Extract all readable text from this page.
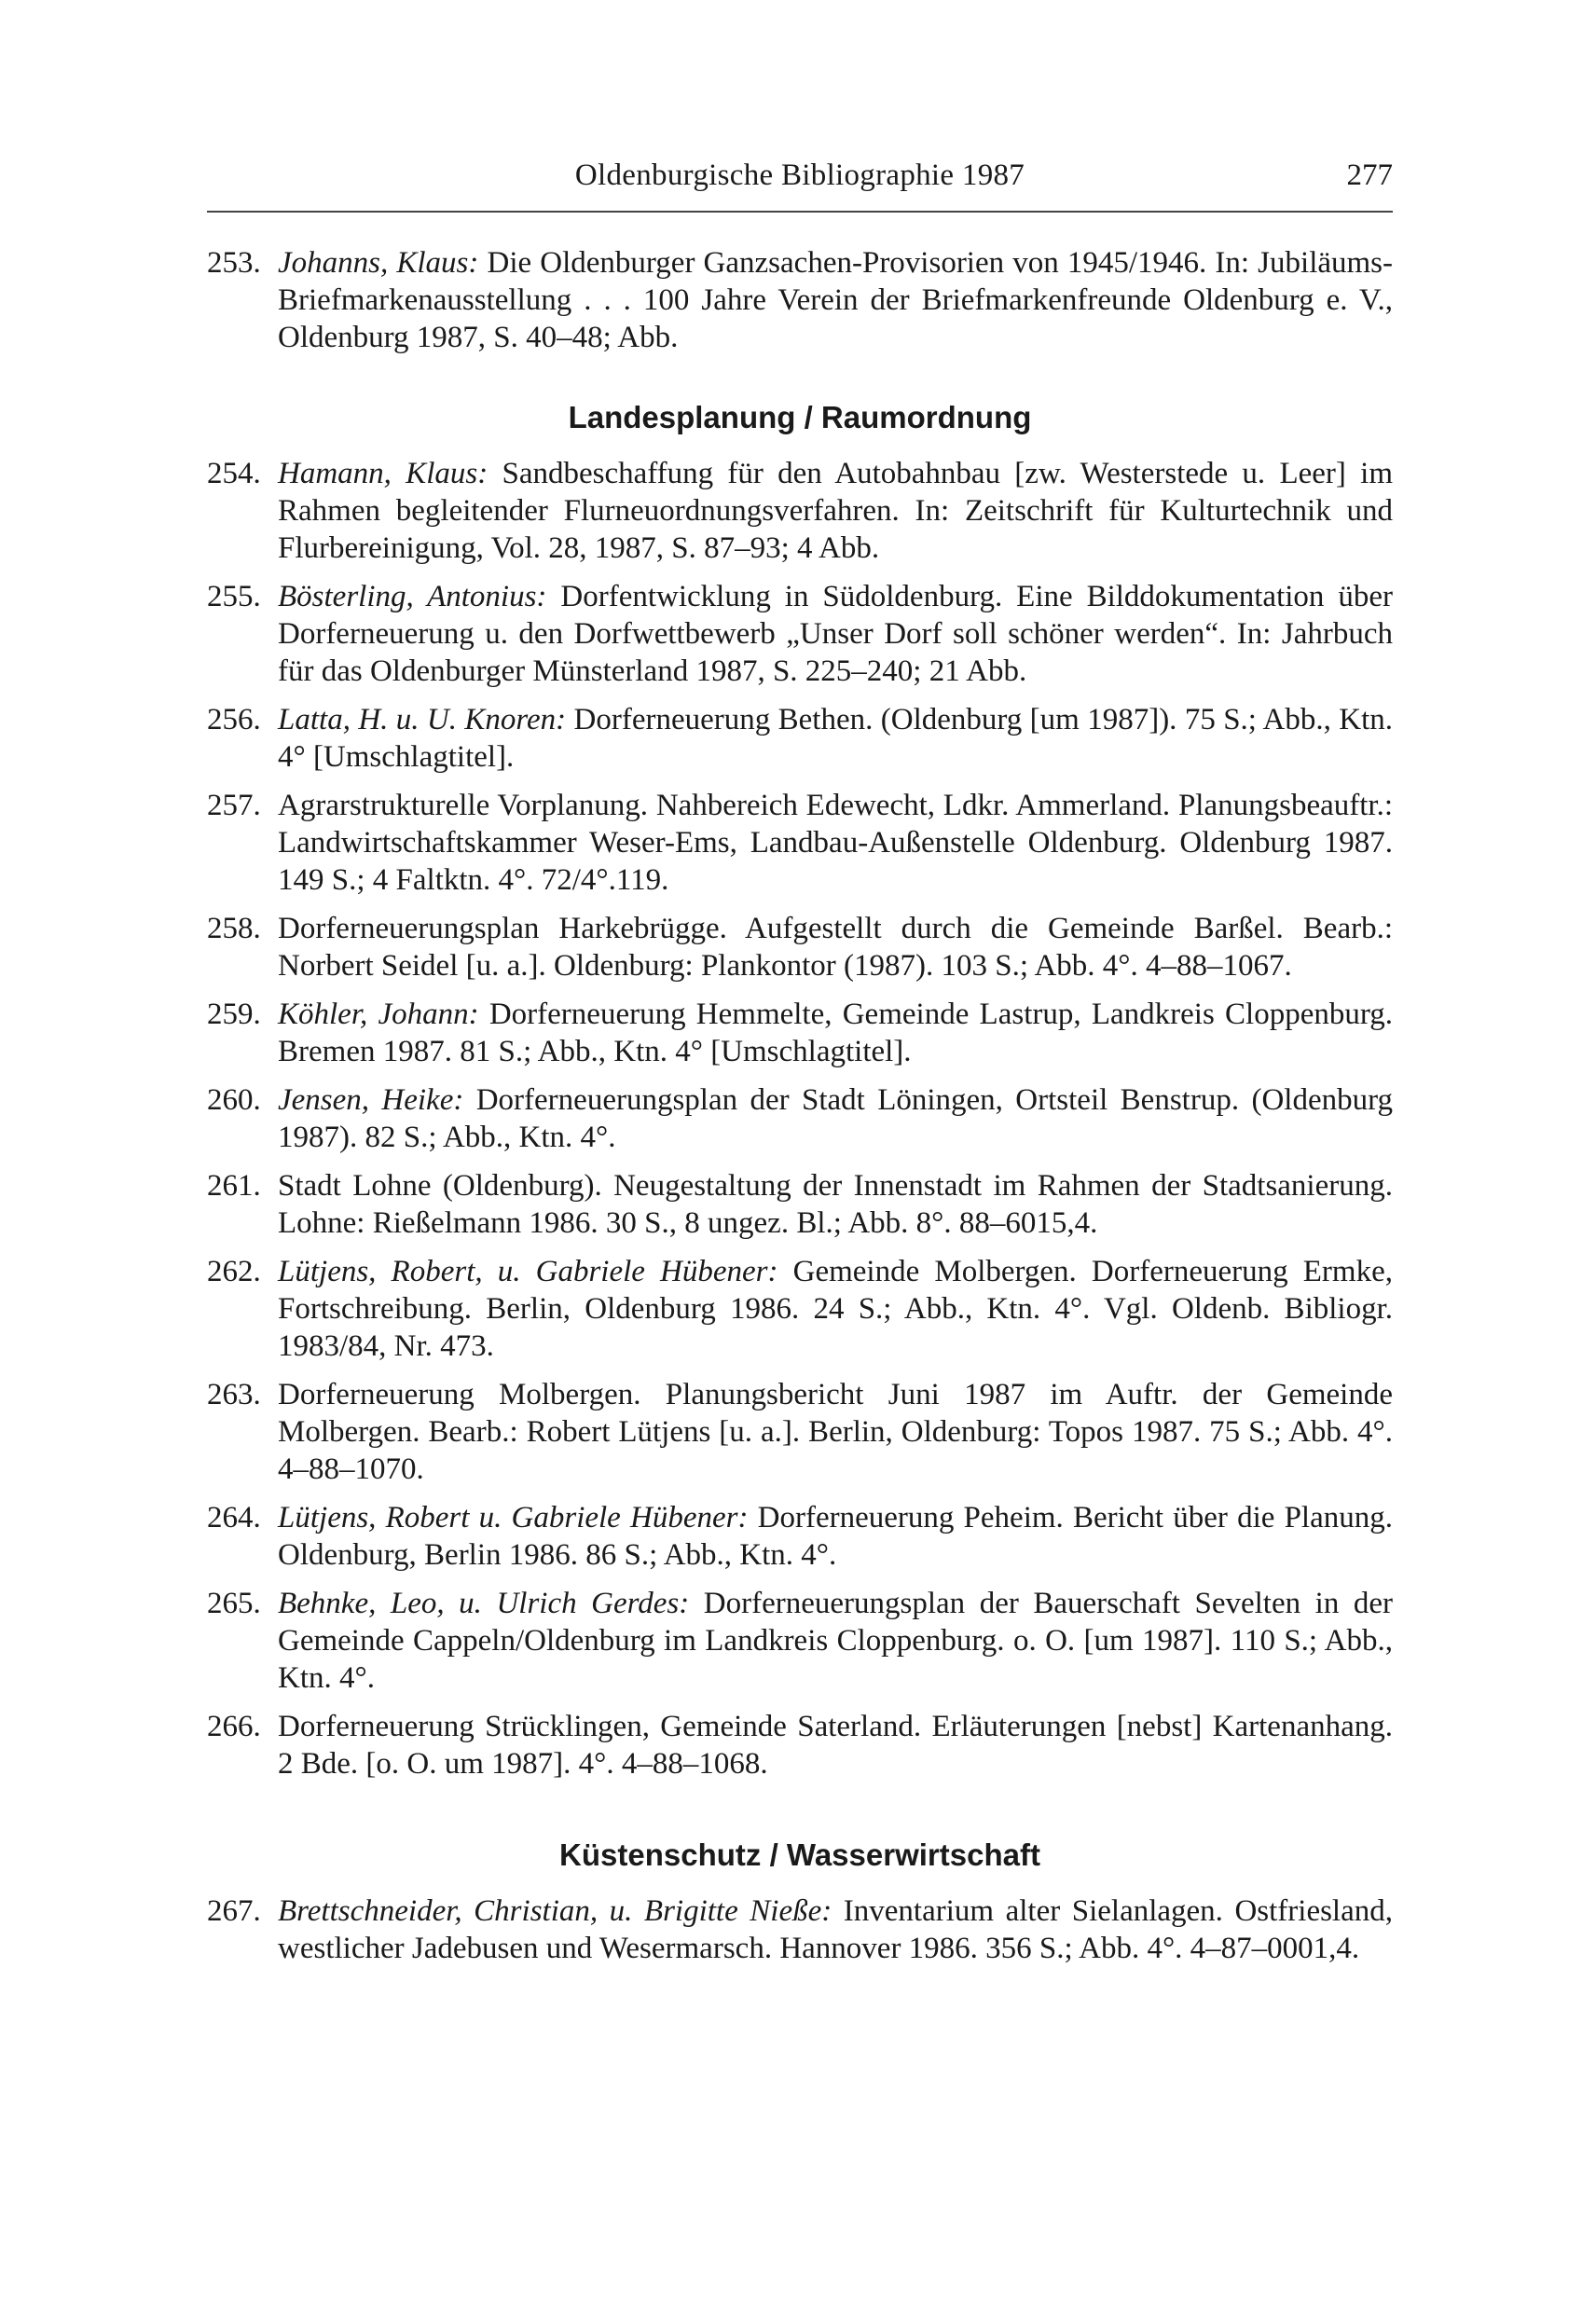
Oldenburgische Bibliographie 1987	277
253. Johanns, Klaus: Die Oldenburger Ganzsachen-Provisorien von 1945/1946. In: Jubiläums-Briefmarkenausstellung . . . 100 Jahre Verein der Briefmarkenfreunde Oldenburg e. V., Oldenburg 1987, S. 40–48; Abb.
Landesplanung / Raumordnung
254. Hamann, Klaus: Sandbeschaffung für den Autobahnbau [zw. Westerstede u. Leer] im Rahmen begleitender Flurneuordnungsverfahren. In: Zeitschrift für Kulturtechnik und Flurbereinigung, Vol. 28, 1987, S. 87–93; 4 Abb.
255. Bösterling, Antonius: Dorfentwicklung in Südoldenburg. Eine Bilddokumentation über Dorferneuerung u. den Dorfwettbewerb „Unser Dorf soll schöner werden“. In: Jahrbuch für das Oldenburger Münsterland 1987, S. 225–240; 21 Abb.
256. Latta, H. u. U. Knoren: Dorferneuerung Bethen. (Oldenburg [um 1987]). 75 S.; Abb., Ktn. 4° [Umschlagtitel].
257. Agrarstrukturelle Vorplanung. Nahbereich Edewecht, Ldkr. Ammerland. Planungsbeauftr.: Landwirtschaftskammer Weser-Ems, Landbau-Außenstelle Oldenburg. Oldenburg 1987. 149 S.; 4 Faltktn. 4°. 72/4°.119.
258. Dorferneuerungsplan Harkebrügge. Aufgestellt durch die Gemeinde Barßel. Bearb.: Norbert Seidel [u. a.]. Oldenburg: Plankontor (1987). 103 S.; Abb. 4°. 4–88–1067.
259. Köhler, Johann: Dorferneuerung Hemmelte, Gemeinde Lastrup, Landkreis Cloppenburg. Bremen 1987. 81 S.; Abb., Ktn. 4° [Umschlagtitel].
260. Jensen, Heike: Dorferneuerungsplan der Stadt Löningen, Ortsteil Benstrup. (Oldenburg 1987). 82 S.; Abb., Ktn. 4°.
261. Stadt Lohne (Oldenburg). Neugestaltung der Innenstadt im Rahmen der Stadtsanierung. Lohne: Rießelmann 1986. 30 S., 8 ungez. Bl.; Abb. 8°. 88–6015,4.
262. Lütjens, Robert, u. Gabriele Hübener: Gemeinde Molbergen. Dorferneuerung Ermke, Fortschreibung. Berlin, Oldenburg 1986. 24 S.; Abb., Ktn. 4°. Vgl. Oldenb. Bibliogr. 1983/84, Nr. 473.
263. Dorferneuerung Molbergen. Planungsbericht Juni 1987 im Auftr. der Gemeinde Molbergen. Bearb.: Robert Lütjens [u. a.]. Berlin, Oldenburg: Topos 1987. 75 S.; Abb. 4°. 4–88–1070.
264. Lütjens, Robert u. Gabriele Hübener: Dorferneuerung Peheim. Bericht über die Planung. Oldenburg, Berlin 1986. 86 S.; Abb., Ktn. 4°.
265. Behnke, Leo, u. Ulrich Gerdes: Dorferneuerungsplan der Bauerschaft Sevelten in der Gemeinde Cappeln/Oldenburg im Landkreis Cloppenburg. o. O. [um 1987]. 110 S.; Abb., Ktn. 4°.
266. Dorferneuerung Strücklingen, Gemeinde Saterland. Erläuterungen [nebst] Kartenanhang. 2 Bde. [o. O. um 1987]. 4°. 4–88–1068.
Küstenschutz / Wasserwirtschaft
267. Brettschneider, Christian, u. Brigitte Nieße: Inventarium alter Sielanlagen. Ostfriesland, westlicher Jadebusen und Wesermarsch. Hannover 1986. 356 S.; Abb. 4°. 4–87–0001,4.
